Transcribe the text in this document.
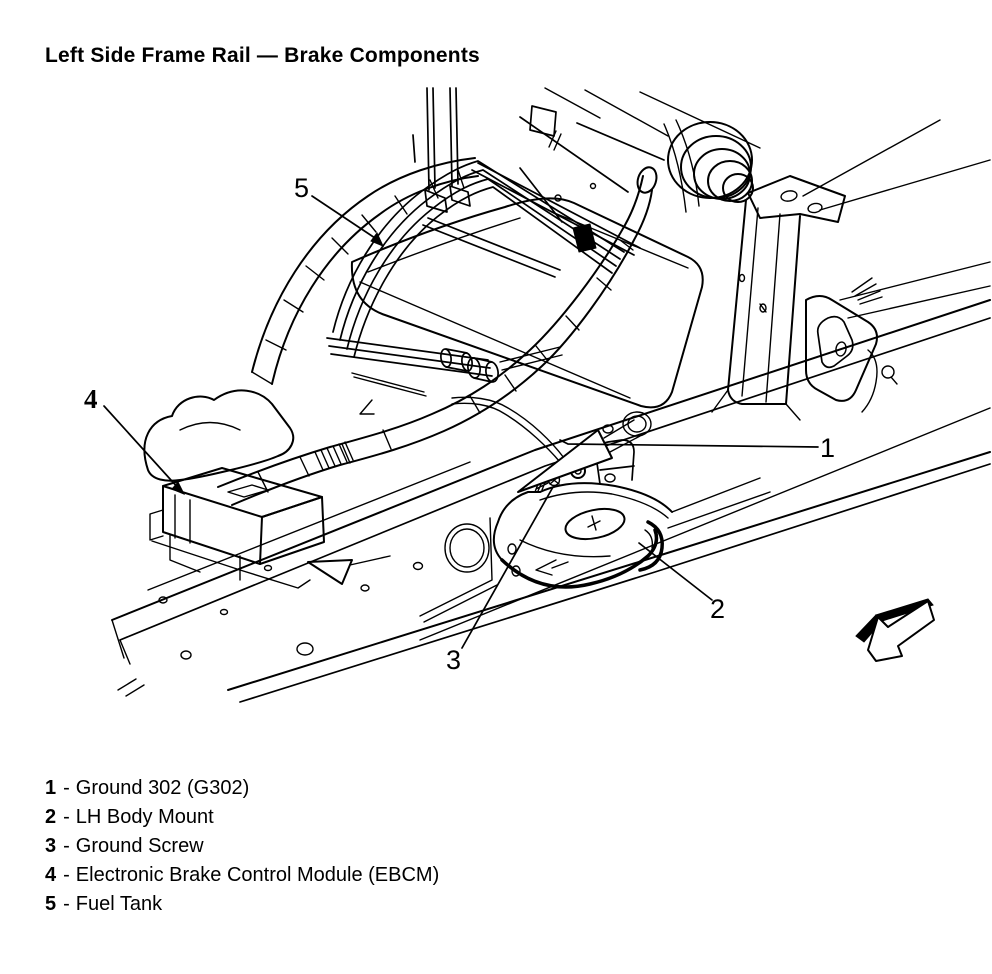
Left Side Frame Rail — Brake Components
5
4
1
2
3
1 - Ground 302 (G302)
2 - LH Body Mount
3 - Ground Screw
4 - Electronic Brake Control Module (EBCM)
5 - Fuel Tank
